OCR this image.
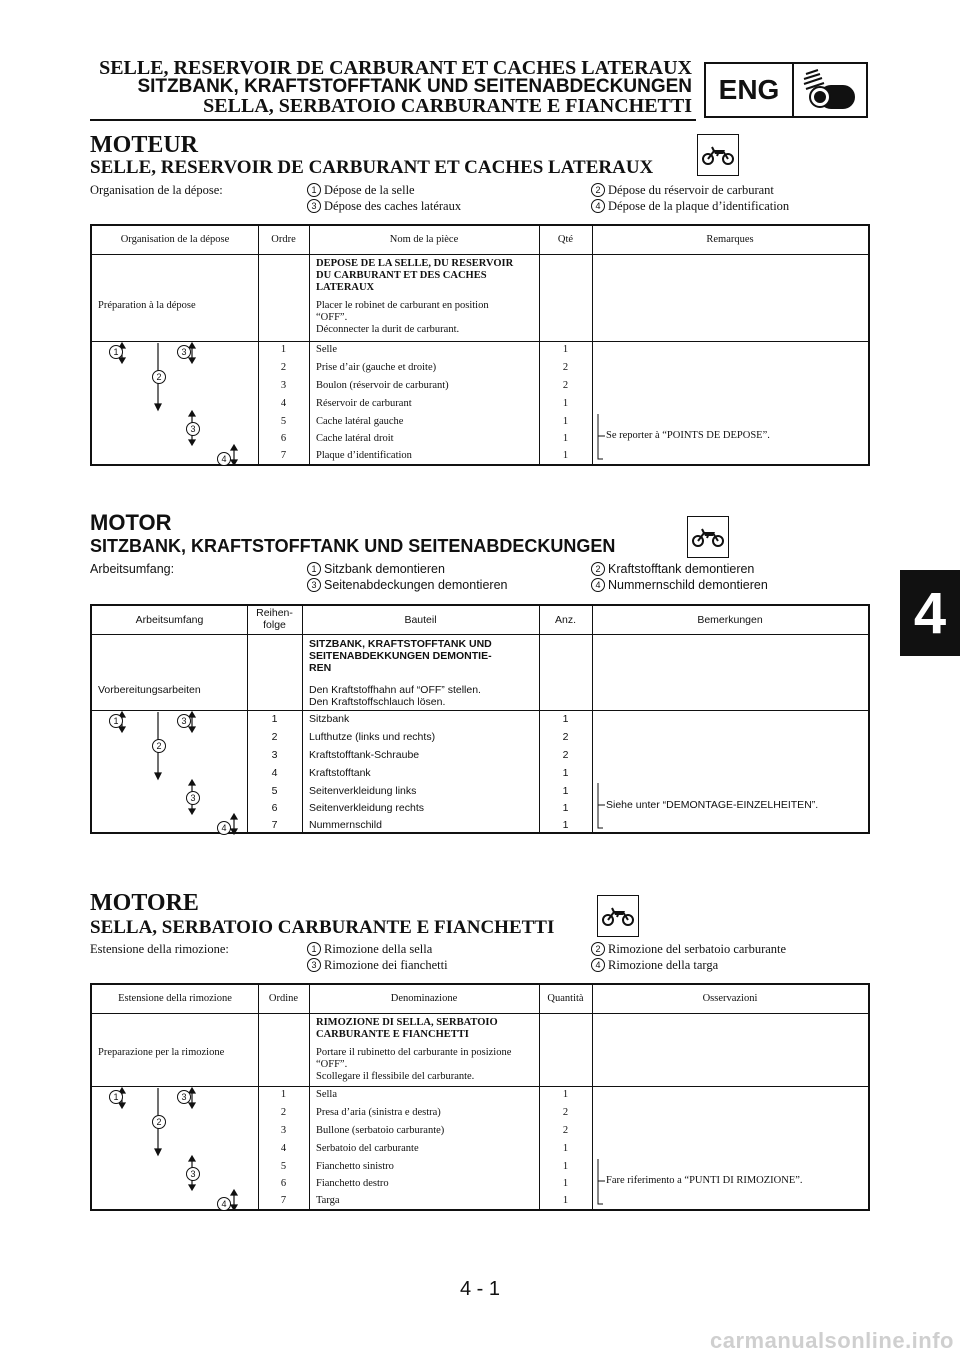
SELLE, RESERVOIR DE CARBURANT ET CACHES LATERAUX
SITZBANK, KRAFTSTOFFTANK UND SEITENABDECKUNGEN
SELLA, SERBATOIO CARBURANTE E FIANCHETTI
ENG
4
MOTEUR
SELLE, RESERVOIR DE CARBURANT ET CACHES LATERAUX
Organisation de la dépose:	1 Dépose de la selle	2 Dépose du réservoir de carburant
3 Dépose des caches latéraux	4 Dépose de la plaque d’identification
Organisation de la dépose	Ordre	Nom de la pièce	Qté	Remarques
DEPOSE DE LA SELLE, DU RESERVOIR
DU CARBURANT ET DES CACHES
LATERAUX
Préparation à la dépose	Placer le robinet de carburant en position
“OFF”.
Déconnecter la durit de carburant.
1	Selle	1
2	Prise d’air (gauche et droite)	2
3	Boulon (réservoir de carburant)	2
4	Réservoir de carburant	1
5	Cache latéral gauche	1
6	Cache latéral droit	1
7	Plaque d’identification	1
Se reporter à “POINTS DE DEPOSE”.
1	3
2
3
4
MOTOR
SITZBANK, KRAFTSTOFFTANK UND SEITENABDECKUNGEN
Arbeitsumfang:	1 Sitzbank demontieren	2 Kraftstofftank demontieren
3 Seitenabdeckungen demontieren	4 Nummernschild demontieren
Arbeitsumfang
Reihen-
folge	Bauteil	Anz.	Bemerkungen
SITZBANK, KRAFTSTOFFTANK UND
SEITENABDEKKUNGEN DEMONTIE-
REN
Vorbereitungsarbeiten	Den Kraftstoffhahn auf “OFF” stellen.
Den Kraftstoffschlauch lösen.
1	Sitzbank	1
2	Lufthutze (links und rechts)	2
3	Kraftstofftank-Schraube	2
4	Kraftstofftank	1
5	Seitenverkleidung links	1
6	Seitenverkleidung rechts	1
7	Nummernschild	1
Siehe unter “DEMONTAGE-EINZELHEITEN”.
1	3
2
3
4
MOTORE
SELLA, SERBATOIO CARBURANTE E FIANCHETTI
Estensione della rimozione:	1 Rimozione della sella	2 Rimozione del serbatoio carburante
3 Rimozione dei fianchetti	4 Rimozione della targa
Estensione della rimozione	Ordine	Denominazione	Quantità	Osservazioni
RIMOZIONE DI SELLA, SERBATOIO
CARBURANTE E FIANCHETTI
Preparazione per la rimozione	Portare il rubinetto del carburante in posizione
“OFF”.
Scollegare il flessibile del carburante.
1	Sella	1
2	Presa d’aria (sinistra e destra)	2
3	Bullone (serbatoio carburante)	2
4	Serbatoio del carburante	1
5	Fianchetto sinistro	1
6	Fianchetto destro	1
7	Targa	1
Fare riferimento a “PUNTI DI RIMOZIONE”.
1	3
2
3
4
4 - 1
carmanualsonline.info
